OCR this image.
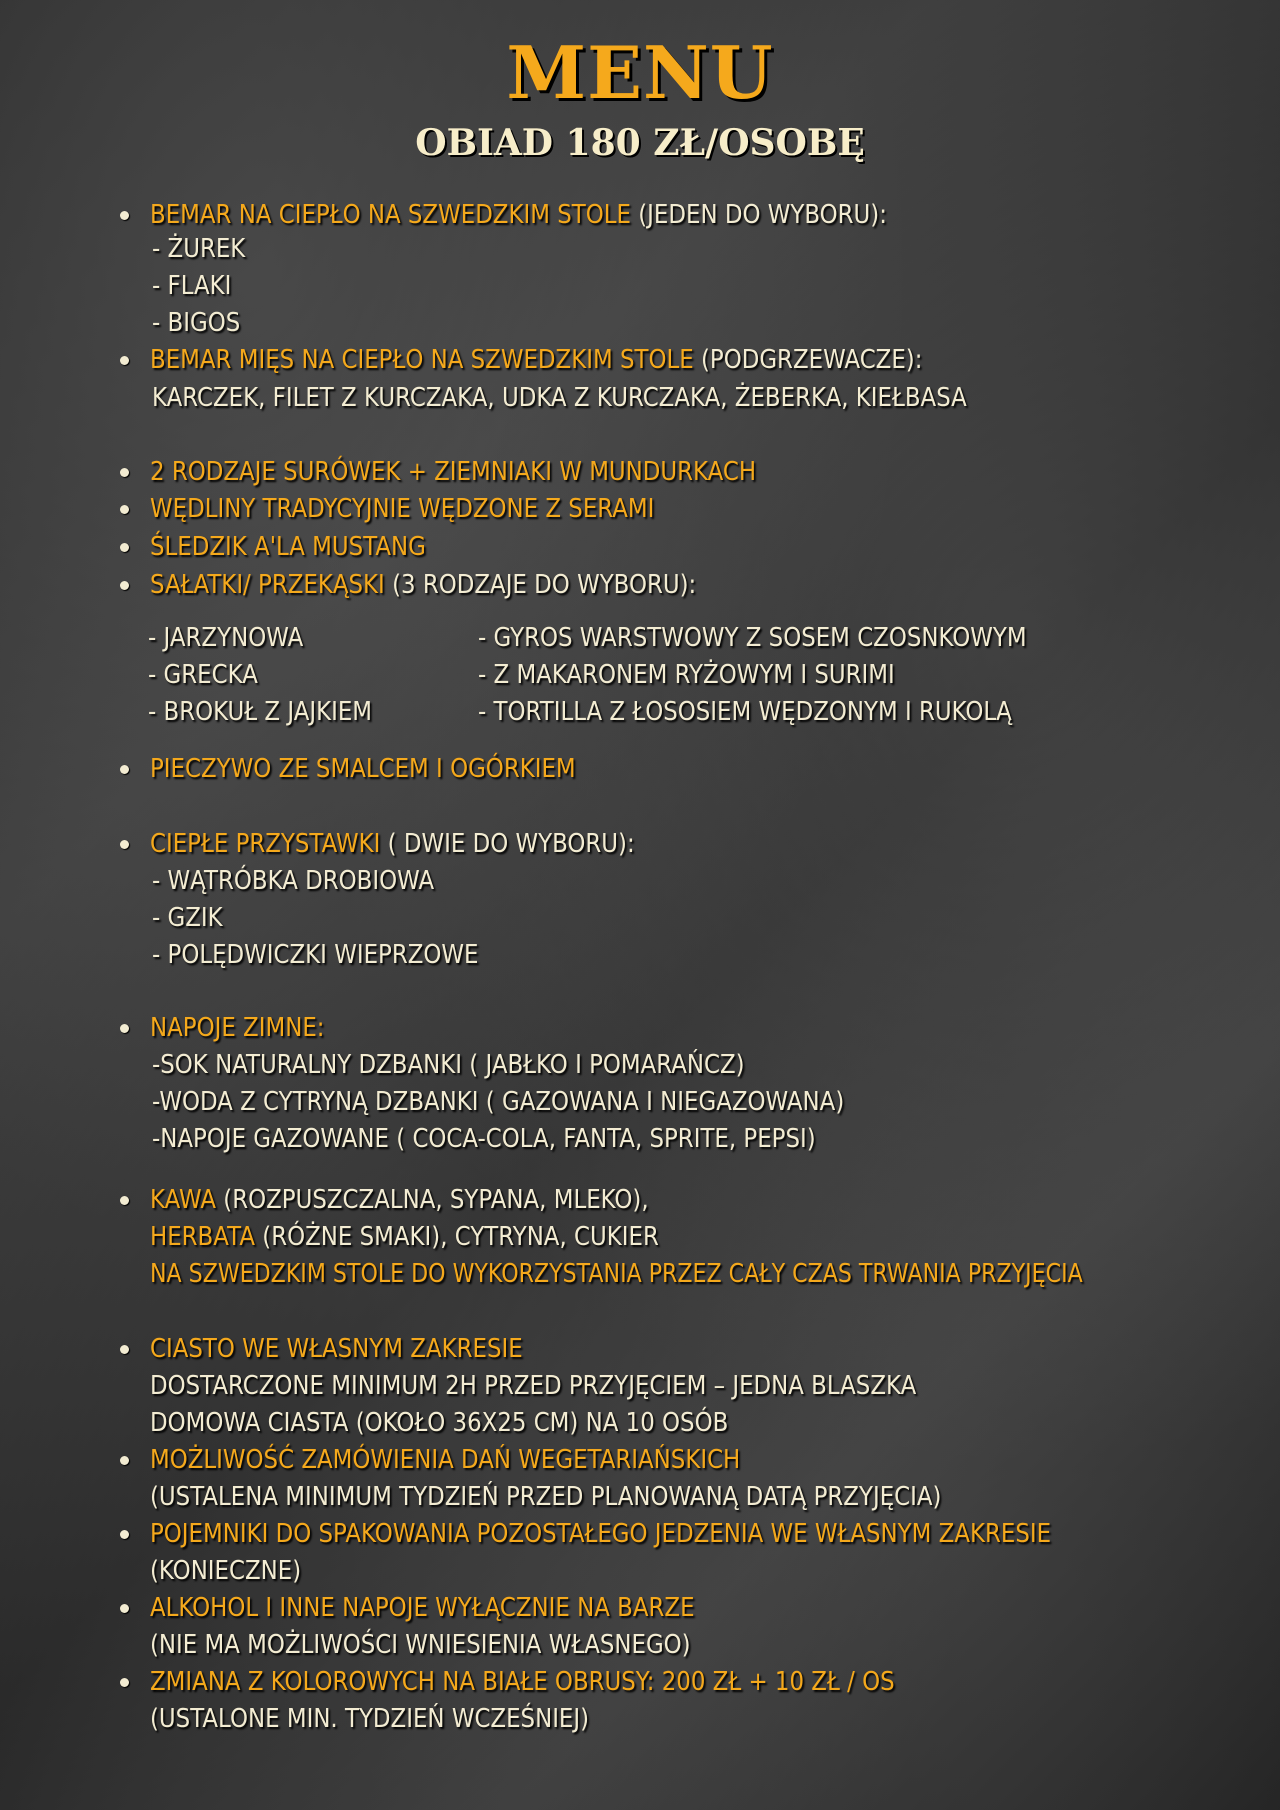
MENU
OBIAD 180 ZŁ/OSOBĘ
BEMAR NA CIEPŁO NA SZWEDZKIM STOLE (JEDEN DO WYBORU):
- ŻUREK
- FLAKI
- BIGOS
BEMAR MIĘS NA CIEPŁO NA SZWEDZKIM STOLE (PODGRZEWACZE):
KARCZEK, FILET Z KURCZAKA, UDKA Z KURCZAKA, ŻEBERKA, KIEŁBASA
2 RODZAJE SURÓWEK + ZIEMNIAKI W MUNDURKACH
WĘDLINY TRADYCYJNIE WĘDZONE Z SERAMI
ŚLEDZIK A'LA MUSTANG
SAŁATKI/ PRZEKĄSKI (3 RODZAJE DO WYBORU):
- JARZYNOWA
- GRECKA
- BROKUŁ Z JAJKIEM
- GYROS WARSTWOWY Z SOSEM CZOSNKOWYM
- Z MAKARONEM RYŻOWYM I SURIMI
- TORTILLA Z ŁOSOSIEM WĘDZONYM I RUKOLĄ
PIECZYWO ZE SMALCEM I OGÓRKIEM
CIEPŁE PRZYSTAWKI ( DWIE DO WYBORU):
- WĄTRÓBKA DROBIOWA
- GZIK
- POLĘDWICZKI WIEPRZOWE
NAPOJE ZIMNE:
-SOK NATURALNY DZBANKI ( JABŁKO I POMARAŃCZ)
-WODA Z CYTRYNĄ DZBANKI ( GAZOWANA I NIEGAZOWANA)
-NAPOJE GAZOWANE ( COCA-COLA, FANTA, SPRITE, PEPSI)
KAWA (ROZPUSZCZALNA, SYPANA, MLEKO),
HERBATA (RÓŻNE SMAKI), CYTRYNA, CUKIER
NA SZWEDZKIM STOLE DO WYKORZYSTANIA PRZEZ CAŁY CZAS TRWANIA PRZYJĘCIA
CIASTO WE WŁASNYM ZAKRESIE
DOSTARCZONE MINIMUM 2H PRZED PRZYJĘCIEM – JEDNA BLASZKA
DOMOWA CIASTA (OKOŁO 36X25 CM) NA 10 OSÓB
MOŻLIWOŚĆ ZAMÓWIENIA DAŃ WEGETARIAŃSKICH
(USTALENA MINIMUM TYDZIEŃ PRZED PLANOWANĄ DATĄ PRZYJĘCIA)
POJEMNIKI DO SPAKOWANIA POZOSTAŁEGO JEDZENIA WE WŁASNYM ZAKRESIE
(KONIECZNE)
ALKOHOL I INNE NAPOJE WYŁĄCZNIE NA BARZE
(NIE MA MOŻLIWOŚCI WNIESIENIA WŁASNEGO)
ZMIANA Z KOLOROWYCH NA BIAŁE OBRUSY: 200 ZŁ + 10 ZŁ / OS
(USTALONE MIN. TYDZIEŃ WCZEŚNIEJ)
